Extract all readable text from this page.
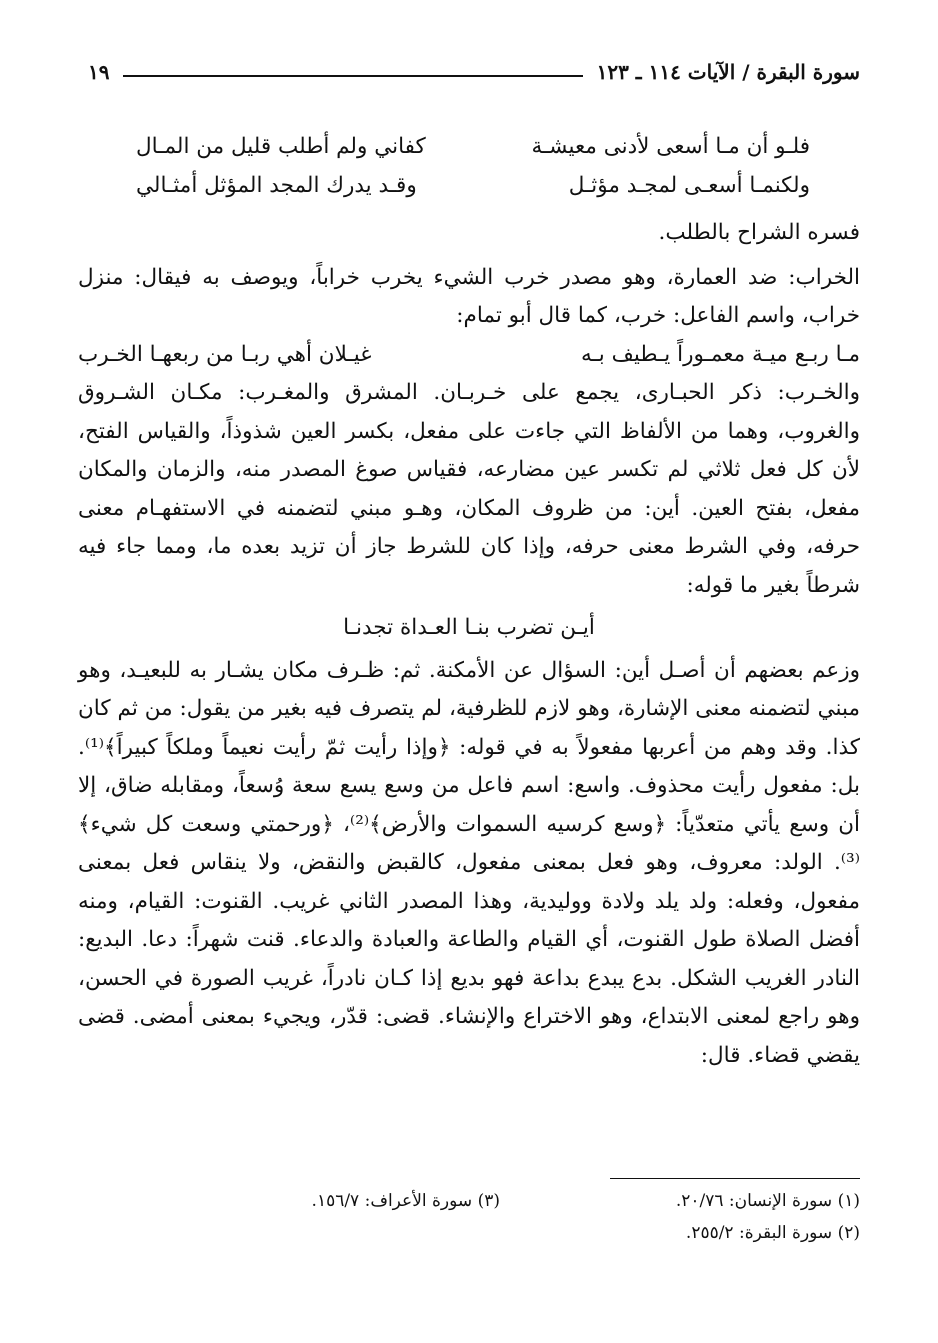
سورة البقرة / الآيات ١١٤ ـ ١٢٣
١٩
فلـو أن مـا أسعى لأدنى معيشـة
كفاني ولم أطلب قليل من المـال
ولكنمـا أسعـى لمجـد مؤثـل
وقـد يدرك المجد المؤثل أمثـالي

فسره الشراح بالطلب.

الخراب: ضد العمارة، وهو مصدر خرب الشيء يخرب خراباً، ويوصف به فيقال: منزل خراب، واسم الفاعل: خرب، كما قال أبو تمام:

مـا ربـع ميـة معمـوراً يـطيف بـه
غيـلان أهي ربـا من ربعهـا الخـرب

والخـرب: ذكر الحبـارى، يجمع على خـربـان. المشرق والمغـرب: مكـان الشـروق والغروب، وهما من الألفاظ التي جاءت على مفعل، بكسر العين شذوذاً، والقياس الفتح، لأن كل فعل ثلاثي لم تكسر عين مضارعه، فقياس صوغ المصدر منه، والزمان والمكان مفعل، بفتح العين. أين: من ظروف المكان، وهـو مبني لتضمنه في الاستفهـام معنى حرفه، وفي الشرط معنى حرفه، وإذا كان للشرط جاز أن تزيد بعده ما، ومما جاء فيه شرطاً بغير ما قوله:

أيـن تضرب بنـا العـداة تجدنـا

وزعم بعضهم أن أصـل أين: السؤال عن الأمكنة. ثم: ظـرف مكان يشـار به للبعيـد، وهو مبني لتضمنه معنى الإشارة، وهو لازم للظرفية، لم يتصرف فيه بغير من يقول: من ثم كان كذا. وقد وهم من أعربها مفعولاً به في قوله: ﴿وإذا رأيت ثمّ رأيت نعيماً وملكاً كبيراً﴾⁽¹⁾. بل: مفعول رأيت محذوف. واسع: اسم فاعل من وسع يسع سعة وُسعاً، ومقابله ضاق، إلا أن وسع يأتي متعدّياً: ﴿وسع كرسيه السموات والأرض﴾⁽²⁾، ﴿ورحمتي وسعت كل شيء﴾⁽³⁾. الولد: معروف، وهو فعل بمعنى مفعول، كالقبض والنقض، ولا ينقاس فعل بمعنى مفعول، وفعله: ولد يلد ولادة ووليدية، وهذا المصدر الثاني غريب. القنوت: القيام، ومنه أفضل الصلاة طول القنوت، أي القيام والطاعة والعبادة والدعاء. قنت شهراً: دعا. البديع: النادر الغريب الشكل. بدع يبدع بداعة فهو بديع إذا كـان نادراً، غريب الصورة في الحسن، وهو راجع لمعنى الابتداع، وهو الاختراع والإنشاء. قضى: قدّر، ويجيء بمعنى أمضى. قضى يقضي قضاء. قال:

(١) سورة الإنسان: ٢٠/٧٦.
(٣) سورة الأعراف: ١٥٦/٧.
(٢) سورة البقرة: ٢٥٥/٢.
